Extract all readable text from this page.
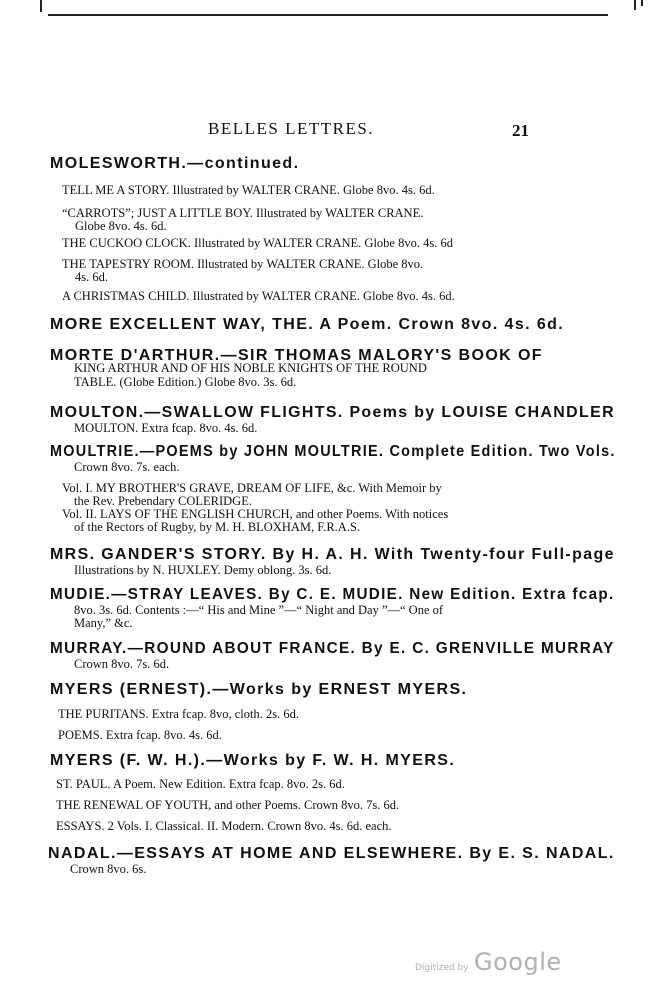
BELLES LETTRES.	21
MOLESWORTH.—continued.
TELL ME A STORY. Illustrated by WALTER CRANE. Globe 8vo. 4s. 6d.
“CARROTS”; JUST A LITTLE BOY. Illustrated by WALTER CRANE.
Globe 8vo. 4s. 6d.
THE CUCKOO CLOCK. Illustrated by WALTER CRANE. Globe 8vo. 4s. 6d
THE TAPESTRY ROOM. Illustrated by WALTER CRANE. Globe 8vo.
4s. 6d.
A CHRISTMAS CHILD. Illustrated by WALTER CRANE. Globe 8vo. 4s. 6d.
MORE EXCELLENT WAY, THE. A Poem. Crown 8vo. 4s. 6d.
MORTE D'ARTHUR.—SIR THOMAS MALORY'S BOOK OF
KING ARTHUR AND OF HIS NOBLE KNIGHTS OF THE ROUND
TABLE. (Globe Edition.) Globe 8vo. 3s. 6d.
MOULTON.—SWALLOW FLIGHTS. Poems by LOUISE CHANDLER
MOULTON. Extra fcap. 8vo. 4s. 6d.
MOULTRIE.—POEMS by JOHN MOULTRIE. Complete Edition. Two Vols.
Crown 8vo. 7s. each.
Vol. I. MY BROTHER'S GRAVE, DREAM OF LIFE, &c. With Memoir by
the Rev. Prebendary COLERIDGE.
Vol. II. LAYS OF THE ENGLISH CHURCH, and other Poems. With notices
of the Rectors of Rugby, by M. H. BLOXHAM, F.R.A.S.
MRS. GANDER'S STORY. By H. A. H. With Twenty-four Full-page
Illustrations by N. HUXLEY. Demy oblong. 3s. 6d.
MUDIE.—STRAY LEAVES. By C. E. MUDIE. New Edition. Extra fcap.
8vo. 3s. 6d. Contents :—“ His and Mine ”—“ Night and Day ”—“ One of
Many,” &c.
MURRAY.—ROUND ABOUT FRANCE. By E. C. GRENVILLE MURRAY
Crown 8vo. 7s. 6d.
MYERS (ERNEST).—Works by ERNEST MYERS.
THE PURITANS. Extra fcap. 8vo, cloth. 2s. 6d.
POEMS. Extra fcap. 8vo. 4s. 6d.
MYERS (F. W. H.).—Works by F. W. H. MYERS.
ST. PAUL. A Poem. New Edition. Extra fcap. 8vo. 2s. 6d.
THE RENEWAL OF YOUTH, and other Poems. Crown 8vo. 7s. 6d.
ESSAYS. 2 Vols. I. Classical. II. Modern. Crown 8vo. 4s. 6d. each.
NADAL.—ESSAYS AT HOME AND ELSEWHERE. By E. S. NADAL.
Crown 8vo. 6s.
Digitized by Google
